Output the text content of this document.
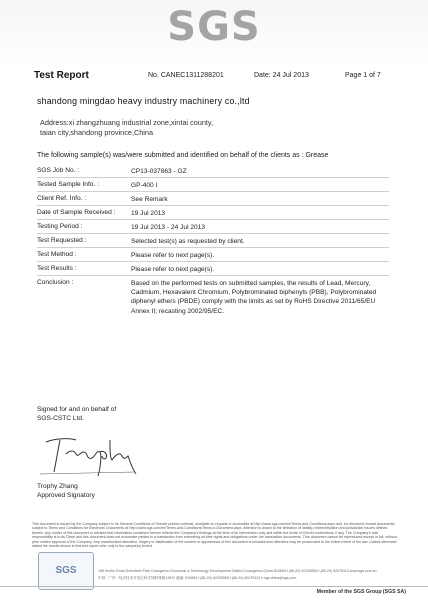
SGS
Test Report	No. CANEC1311288201	Date: 24 Jul 2013	Page 1 of 7
shandong mingdao heavy industry machinery co.,ltd
Address:xi zhangzhuang industrial zone,xintai county,
taian city,shandong province,China
The following sample(s) was/were submitted and identified on behalf of the clients as : Grease
SGS Job No. :	CP13-037863 - GZ
Tested Sample Info. :	GP-400 I
Client Ref. Info. :	See Remark
Date of Sample Received : 19 Jul 2013
Testing Period :	19 Jul 2013 - 24 Jul 2013
Test Requested :	Selected test(s) as requested by client.
Test Method :	Please refer to next page(s).
Test Results :	Please refer to next page(s).
Conclusion :	Based on the performed tests on submitted samples, the results of Lead, Mercury, Cadmium, Hexavalent Chromium, Polybrominated biphenyls (PBB), Polybrominated diphenyl ethers (PBDE) comply with the limits as set by RoHS Directive 2011/65/EU Annex II; recasting 2002/95/EC.
Signed for and on behalf of
SGS-CSTC Ltd.
Trophy Zhang
Approved Signatory
This document is issued by the Company subject to its General Conditions of Service printed overleaf, available on request or accessible at http://www.sgs.com/en/Terms-and-Conditions.aspx and, for electronic format documents, subject to Terms and Conditions for Electronic Documents at http://www.sgs.com/en/Terms-and-Conditions/Terms-e-Document.aspx. Attention is drawn to the limitation of liability, indemnification and jurisdiction issues defined therein. Any holder of this document is advised that information contained hereon reflects the Company's findings at the time of its intervention only and within the limits of Client's instructions, if any. The Company's sole responsibility is to its Client and this document does not exonerate parties to a transaction from exercising all their rights and obligations under the transaction documents. This document cannot be reproduced except in full, without prior written approval of the Company. Any unauthorized alteration, forgery or falsification of the content or appearance of this document is unlawful and offenders may be prosecuted to the fullest extent of the law. Unless otherwise stated the results shown in this test report refer only to the sample(s) tested.
SGS	198 Kezhu Road,Scientech Park Guangzhou Economic & Technology Development District,Guangzhou,China 510663 t (86-20) 82155555 f (86-20) 82075113 www.sgs.com.cn
中国 · 广州 · 经济技术开发区科学城科珠路198号 邮编: 510663 t (86-20) 82155555 f (86-20) 82075113 e sgs.china@sgs.com
Member of the SGS Group (SGS SA)
